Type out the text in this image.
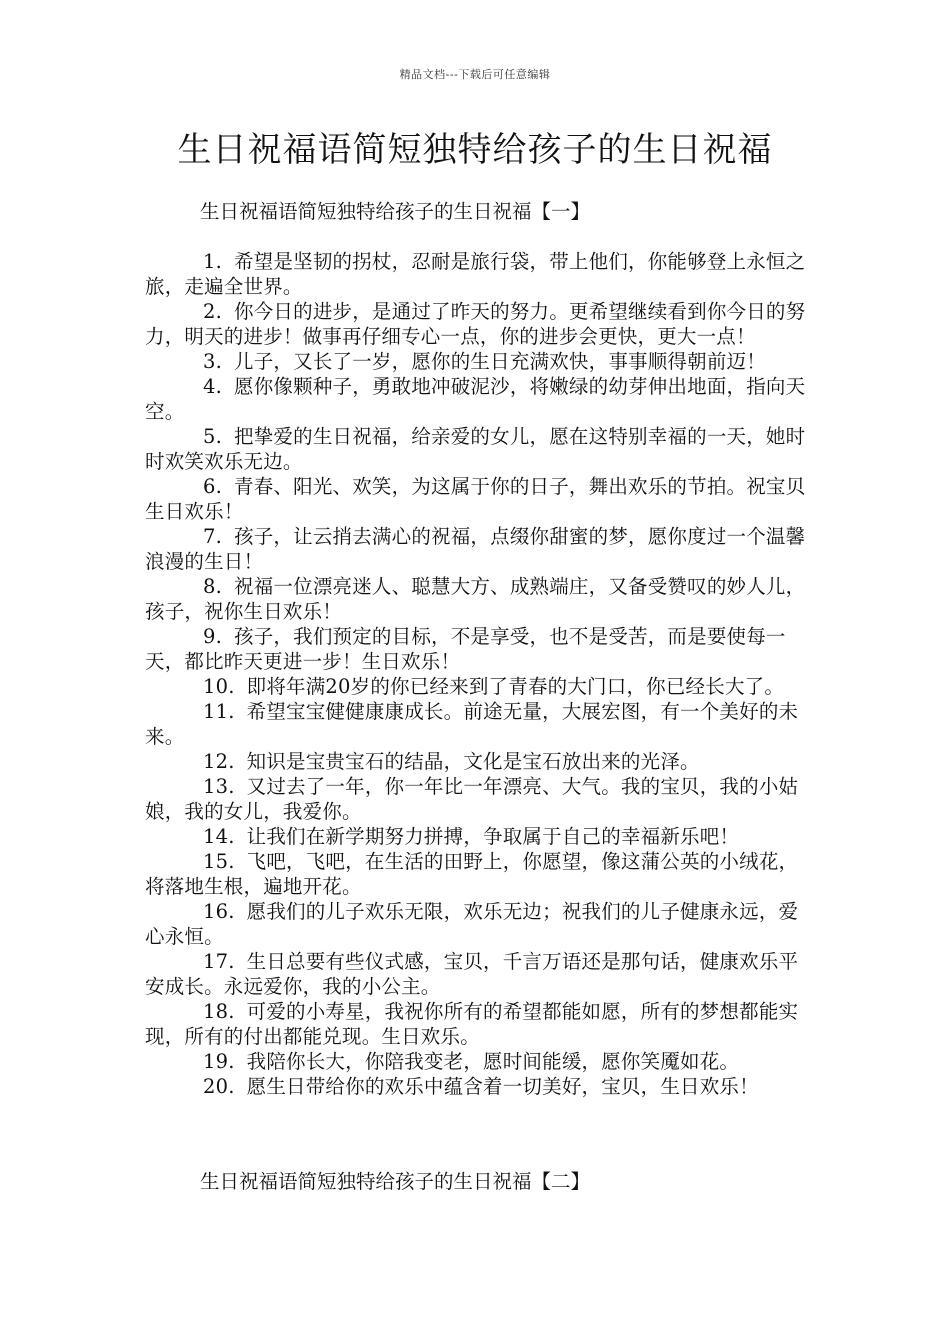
精品文档---下载后可任意编辑
生日祝福语简短独特给孩子的生日祝福
生日祝福语简短独特给孩子的生日祝福【一】
1. 希望是坚韧的拐杖，忍耐是旅行袋，带上他们，你能够登上永恒之旅，走遍全世界。
2. 你今日的进步，是通过了昨天的努力。更希望继续看到你今日的努力，明天的进步！做事再仔细专心一点，你的进步会更快，更大一点！
3. 儿子，又长了一岁，愿你的生日充满欢快，事事顺得朝前迈！
4. 愿你像颗种子，勇敢地冲破泥沙，将嫩绿的幼芽伸出地面，指向天空。
5. 把挚爱的生日祝福，给亲爱的女儿，愿在这特别幸福的一天，她时时欢笑欢乐无边。
6. 青春、阳光、欢笑，为这属于你的日子，舞出欢乐的节拍。祝宝贝生日欢乐！
7. 孩子，让云捎去满心的祝福，点缀你甜蜜的梦，愿你度过一个温馨浪漫的生日！
8. 祝福一位漂亮迷人、聪慧大方、成熟端庄，又备受赞叹的妙人儿，孩子，祝你生日欢乐！
9. 孩子，我们预定的目标，不是享受，也不是受苦，而是要使每一天，都比昨天更进一步！生日欢乐！
10. 即将年满20岁的你已经来到了青春的大门口，你已经长大了。
11. 希望宝宝健健康康成长。前途无量，大展宏图，有一个美好的未来。
12. 知识是宝贵宝石的结晶，文化是宝石放出来的光泽。
13. 又过去了一年，你一年比一年漂亮、大气。我的宝贝，我的小姑娘，我的女儿，我爱你。
14. 让我们在新学期努力拼搏，争取属于自己的幸福新乐吧！
15. 飞吧，飞吧，在生活的田野上，你愿望，像这蒲公英的小绒花，将落地生根，遍地开花。
16. 愿我们的儿子欢乐无限，欢乐无边；祝我们的儿子健康永远，爱心永恒。
17. 生日总要有些仪式感，宝贝，千言万语还是那句话，健康欢乐平安成长。永远爱你，我的小公主。
18. 可爱的小寿星，我祝你所有的希望都能如愿，所有的梦想都能实现，所有的付出都能兑现。生日欢乐。
19. 我陪你长大，你陪我变老，愿时间能缓，愿你笑魇如花。
20. 愿生日带给你的欢乐中蕴含着一切美好，宝贝，生日欢乐！
生日祝福语简短独特给孩子的生日祝福【二】
